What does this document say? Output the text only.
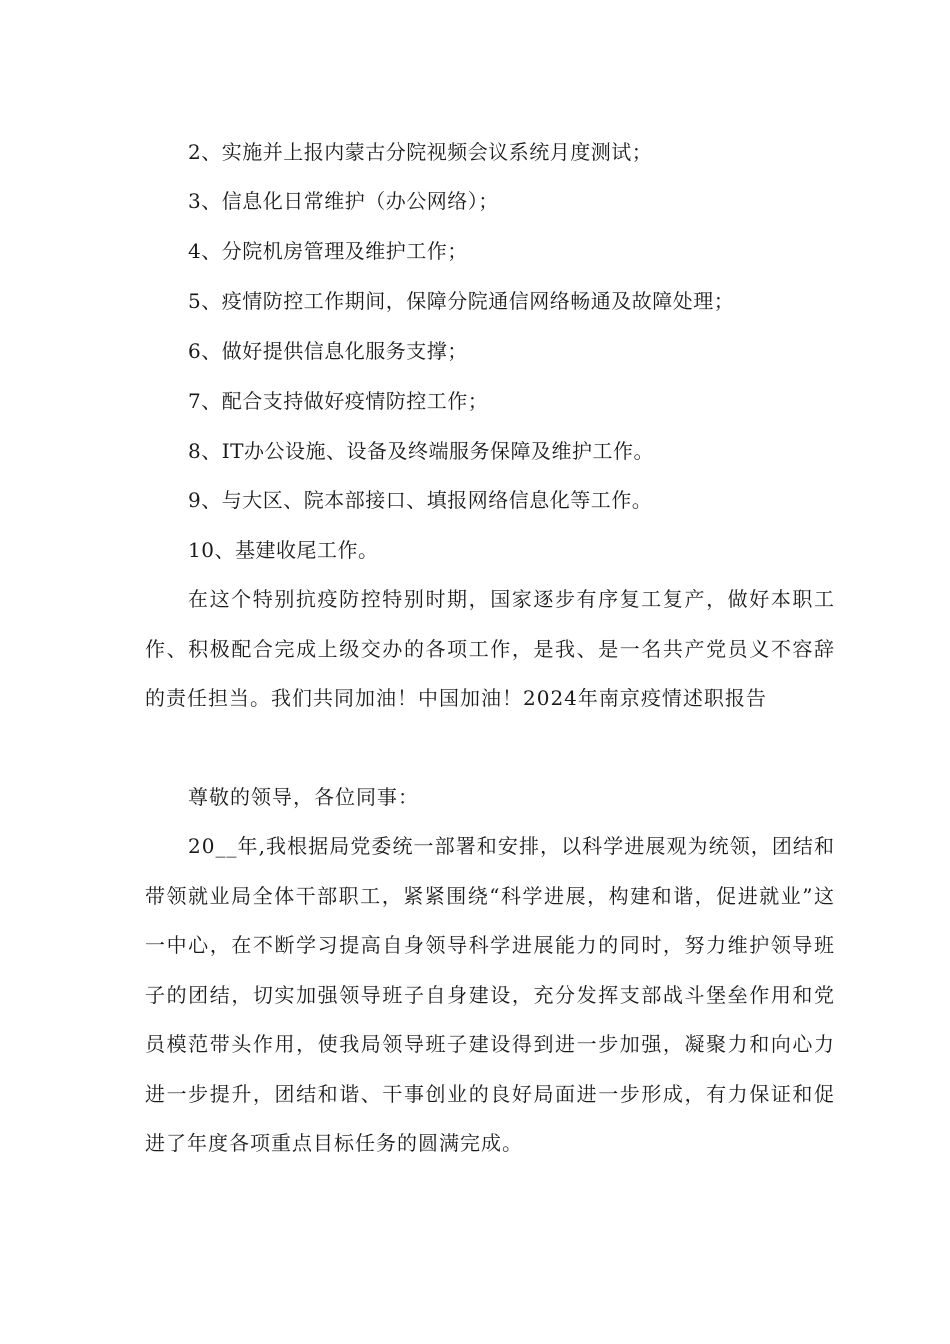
2、实施并上报内蒙古分院视频会议系统月度测试；
3、信息化日常维护（办公网络）；
4、分院机房管理及维护工作；
5、疫情防控工作期间，保障分院通信网络畅通及故障处理；
6、做好提供信息化服务支撑；
7、配合支持做好疫情防控工作；
8、IT办公设施、设备及终端服务保障及维护工作。
9、与大区、院本部接口、填报网络信息化等工作。
10、基建收尾工作。

在这个特别抗疫防控特别时期，国家逐步有序复工复产，做好本职工作、积极配合完成上级交办的各项工作，是我、是一名共产党员义不容辞的责任担当。我们共同加油！中国加油！2024年南京疫情述职报告

尊敬的领导，各位同事：

20__年,我根据局党委统一部署和安排，以科学进展观为统领，团结和带领就业局全体干部职工，紧紧围绕“科学进展，构建和谐，促进就业”这一中心，在不断学习提高自身领导科学进展能力的同时，努力维护领导班子的团结，切实加强领导班子自身建设，充分发挥支部战斗堡垒作用和党员模范带头作用，使我局领导班子建设得到进一步加强，凝聚力和向心力进一步提升，团结和谐、干事创业的良好局面进一步形成，有力保证和促进了年度各项重点目标任务的圆满完成。
